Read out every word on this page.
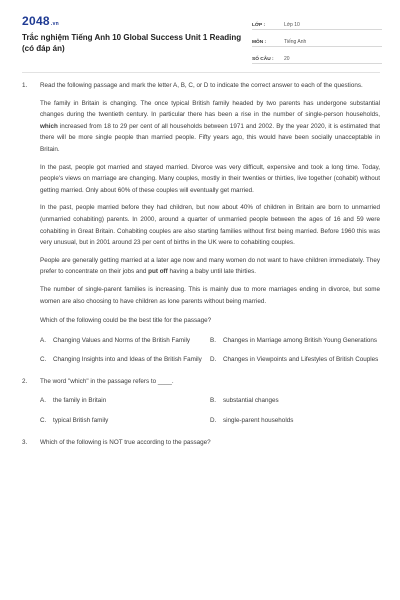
2048.vn
Trắc nghiệm Tiếng Anh 10 Global Success Unit 1 Reading (có đáp án)
LỚP :	Lớp 10
MÔN :	Tiếng Anh
SỐ CÂU :	20
1.	Read the following passage and mark the letter A, B, C, or D to indicate the correct answer to each of the questions.

The family in Britain is changing. The once typical British family headed by two parents has undergone substantial changes during the twentieth century. In particular there has been a rise in the number of single-person households, which increased from 18 to 29 per cent of all households between 1971 and 2002. By the year 2020, it is estimated that there will be more single people than married people. Fifty years ago, this would have been socially unacceptable in Britain.

In the past, people got married and stayed married. Divorce was very difficult, expensive and took a long time. Today, people's views on marriage are changing. Many couples, mostly in their twenties or thirties, live together (cohabit) without getting married. Only about 60% of these couples will eventually get married.

In the past, people married before they had children, but now about 40% of children in Britain are born to unmarried (unmarried cohabiting) parents. In 2000, around a quarter of unmarried people between the ages of 16 and 59 were cohabiting in Great Britain. Cohabiting couples are also starting families without first being married. Before 1960 this was very unusual, but in 2001 around 23 per cent of births in the UK were to cohabiting couples.

People are generally getting married at a later age now and many women do not want to have children immediately. They prefer to concentrate on their jobs and put off having a baby until late thirties.

The number of single-parent families is increasing. This is mainly due to more marriages ending in divorce, but some women are also choosing to have children as lone parents without being married.

Which of the following could be the best title for the passage?
A.	Changing Values and Norms of the British Family	B.	Changes in Marriage among British Young Generations
C.	Changing Insights into and Ideas of the British Family	D.	Changes in Viewpoints and Lifestyles of British Couples
2.	The word "which" in the passage refers to ____.
A.	the family in Britain	B.	substantial changes
C.	typical British family	D.	single-parent households
3.	Which of the following is NOT true according to the passage?
